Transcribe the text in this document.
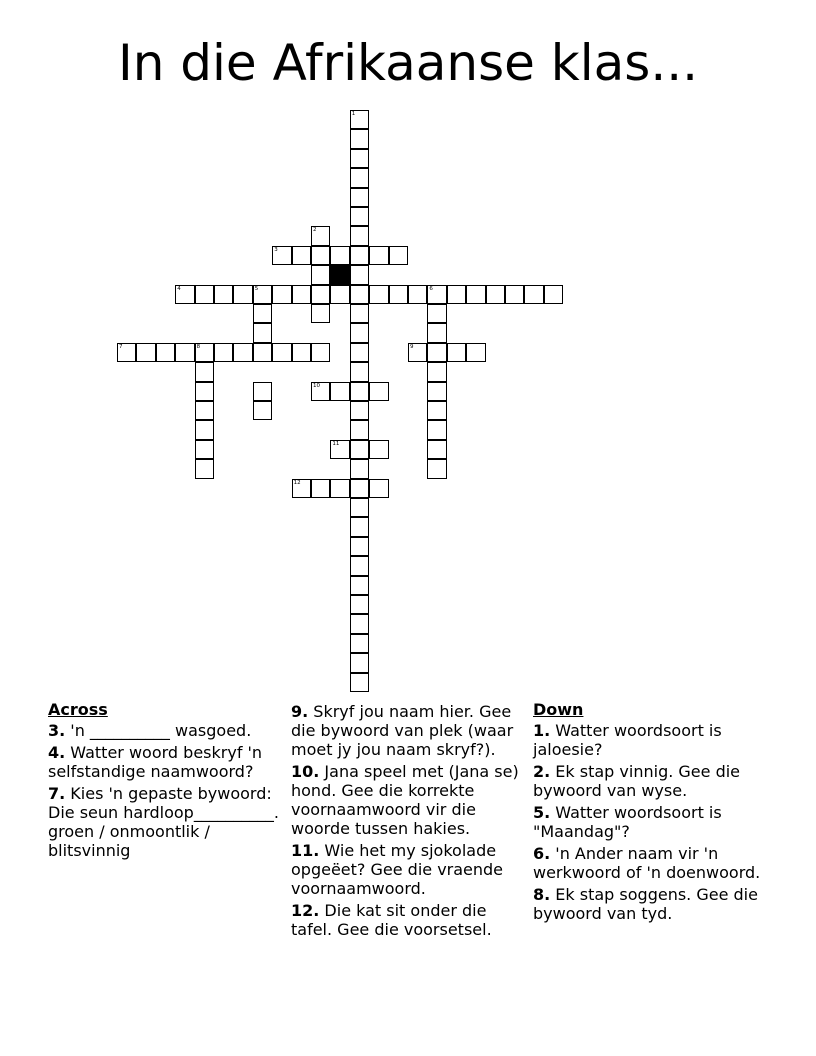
In die Afrikaanse klas...
1
2
3
4	5	6
7	8	9
10
11
12
Across
3. 'n __________ wasgoed.
4. Watter woord beskryf 'n selfstandige naamwoord?
7. Kies 'n gepaste bywoord: Die seun hardloop__________. groen / onmoontlik / blitsvinnig
9. Skryf jou naam hier. Gee die bywoord van plek (waar moet jy jou naam skryf?).
10. Jana speel met (Jana se) hond. Gee die korrekte voornaamwoord vir die woorde tussen hakies.
11. Wie het my sjokolade opgeëet? Gee die vraende voornaamwoord.
12. Die kat sit onder die tafel. Gee die voorsetsel.
Down
1. Watter woordsoort is jaloesie?
2. Ek stap vinnig. Gee die bywoord van wyse.
5. Watter woordsoort is "Maandag"?
6. 'n Ander naam vir 'n werkwoord of 'n doenwoord.
8. Ek stap soggens. Gee die bywoord van tyd.
